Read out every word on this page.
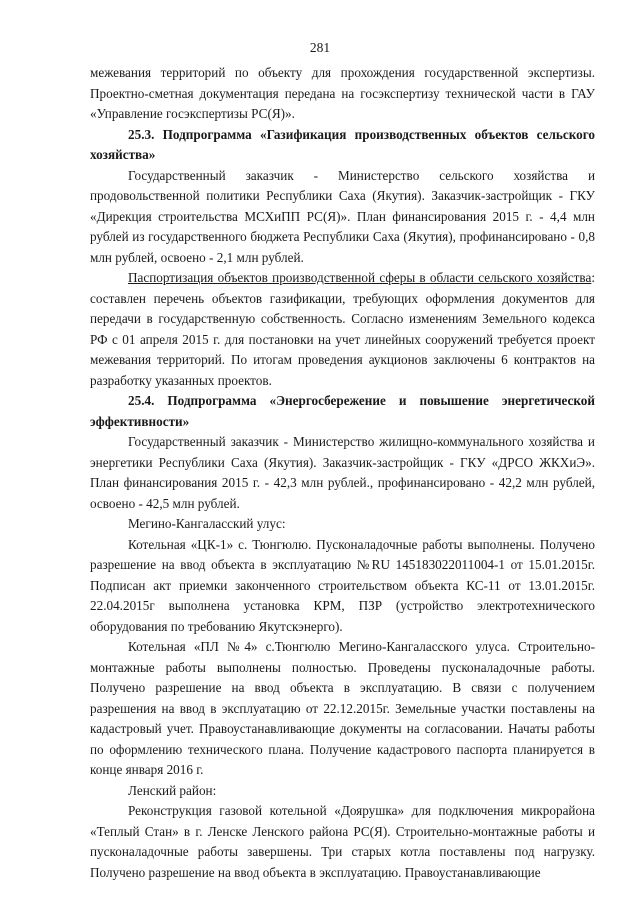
281

межевания территорий по объекту для прохождения государственной экспертизы. Проектно-сметная документация передана на госэкспертизу технической части в ГАУ «Управление госэкспертизы РС(Я)».

25.3. Подпрограмма «Газификация производственных объектов сельского хозяйства»

Государственный заказчик - Министерство сельского хозяйства и продовольственной политики Республики Саха (Якутия). Заказчик-застройщик - ГКУ «Дирекция строительства МСХиПП РС(Я)». План финансирования 2015 г. - 4,4 млн рублей из государственного бюджета Республики Саха (Якутия), профинансировано - 0,8 млн рублей, освоено - 2,1 млн рублей.

Паспортизация объектов производственной сферы в области сельского хозяйства: составлен перечень объектов газификации, требующих оформления документов для передачи в государственную собственность. Согласно изменениям Земельного кодекса РФ с 01 апреля 2015 г. для постановки на учет линейных сооружений требуется проект межевания территорий. По итогам проведения аукционов заключены 6 контрактов на разработку указанных проектов.

25.4. Подпрограмма «Энергосбережение и повышение энергетической эффективности»

Государственный заказчик - Министерство жилищно-коммунального хозяйства и энергетики Республики Саха (Якутия). Заказчик-застройщик - ГКУ «ДРСО ЖКХиЭ». План финансирования 2015 г. - 42,3 млн рублей., профинансировано - 42,2 млн рублей, освоено - 42,5 млн рублей.

Мегино-Кангаласский улус:

Котельная «ЦК-1» с. Тюнгюлю. Пусконаладочные работы выполнены. Получено разрешение на ввод объекта в эксплуатацию №RU 145183022011004-1 от 15.01.2015г. Подписан акт приемки законченного строительством объекта КС-11 от 13.01.2015г. 22.04.2015г выполнена установка КРМ, ПЗР (устройство электротехнического оборудования по требованию Якутскэнерго).

Котельная «ПЛ №4» с.Тюнгюлю Мегино-Кангаласского улуса. Строительно-монтажные работы выполнены полностью. Проведены пусконаладочные работы. Получено разрешение на ввод объекта в эксплуатацию. В связи с получением разрешения на ввод в эксплуатацию от 22.12.2015г. Земельные участки поставлены на кадастровый учет. Правоустанавливающие документы на согласовании. Начаты работы по оформлению технического плана. Получение кадастрового паспорта планируется в конце января 2016 г.

Ленский район:

Реконструкция газовой котельной «Доярушка» для подключения микрорайона «Теплый Стан» в г. Ленске Ленского района РС(Я). Строительно-монтажные работы и пусконаладочные работы завершены. Три старых котла поставлены под нагрузку. Получено разрешение на ввод объекта в эксплуатацию. Правоустанавливающие
